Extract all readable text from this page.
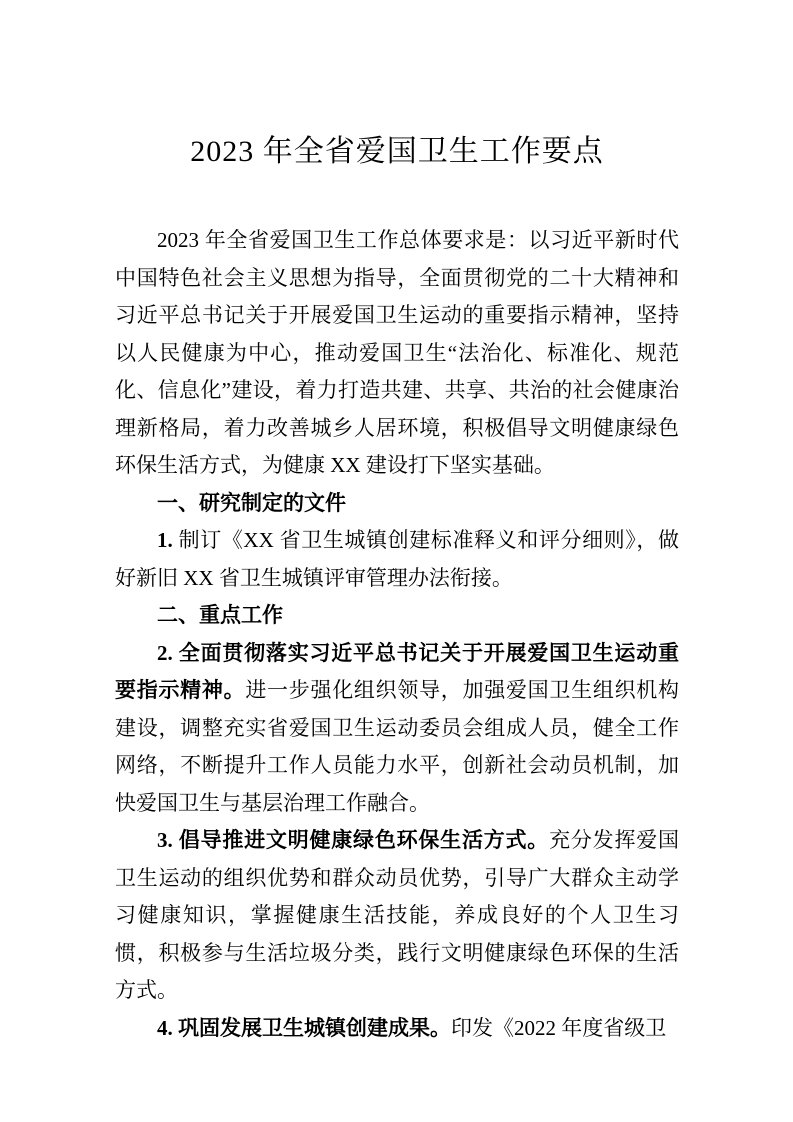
2023 年全省爱国卫生工作要点

2023 年全省爱国卫生工作总体要求是：以习近平新时代中国特色社会主义思想为指导，全面贯彻党的二十大精神和习近平总书记关于开展爱国卫生运动的重要指示精神，坚持以人民健康为中心，推动爱国卫生“法治化、标准化、规范化、信息化”建设，着力打造共建、共享、共治的社会健康治理新格局，着力改善城乡人居环境，积极倡导文明健康绿色环保生活方式，为健康 XX 建设打下坚实基础。

一、研究制定的文件

1. 制订《XX 省卫生城镇创建标准释义和评分细则》，做好新旧 XX 省卫生城镇评审管理办法衔接。

二、重点工作

2. 全面贯彻落实习近平总书记关于开展爱国卫生运动重要指示精神。进一步强化组织领导，加强爱国卫生组织机构建设，调整充实省爱国卫生运动委员会组成人员，健全工作网络，不断提升工作人员能力水平，创新社会动员机制，加快爱国卫生与基层治理工作融合。

3. 倡导推进文明健康绿色环保生活方式。充分发挥爱国卫生运动的组织优势和群众动员优势，引导广大群众主动学习健康知识，掌握健康生活技能，养成良好的个人卫生习惯，积极参与生活垃圾分类，践行文明健康绿色环保的生活方式。

4. 巩固发展卫生城镇创建成果。印发《2022 年度省级卫
